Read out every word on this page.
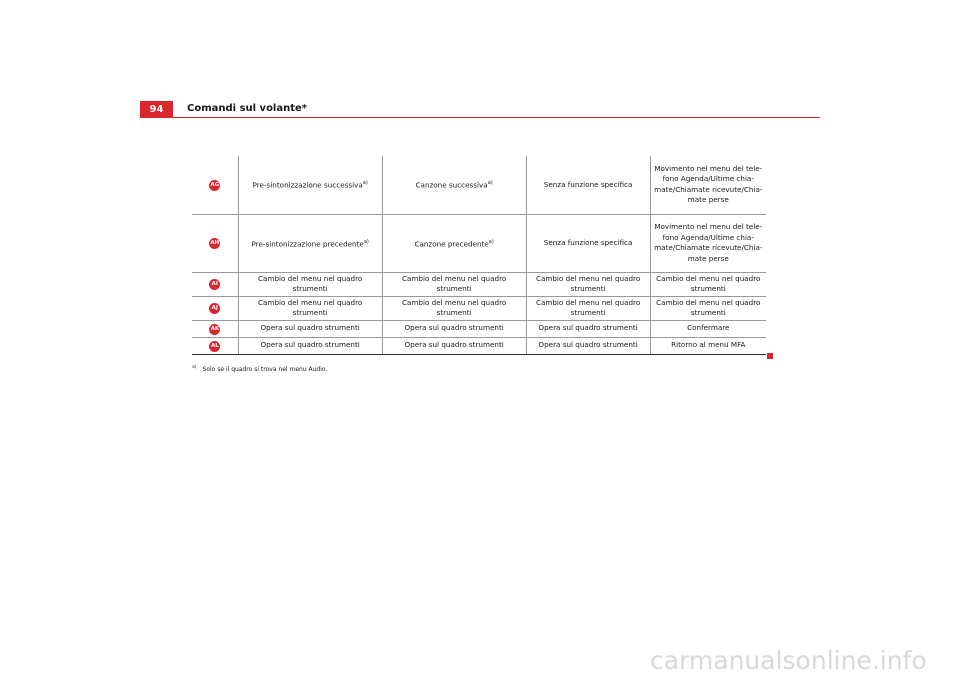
94	Comandi sul volante*
AG	Pre-sintonizzazione successiva$^{a)}$	Canzone successiva$^{a)}$	Senza funzione specifica	Movimento nel menu del tele-fono Agenda/Ultime chia-mate/Chiamate ricevute/Chia-mate perse
AH	Pre-sintonizzazione precedente$^{a)}$	Canzone precedente$^{a)}$	Senza funzione specifica	Movimento nel menu del tele-fono Agenda/Ultime chia-mate/Chiamate ricevute/Chia-mate perse
AI	Cambio del menu nel quadro strumenti	Cambio del menu nel quadro strumenti	Cambio del menu nel quadro strumenti	Cambio del menu nel quadro strumenti
AJ	Cambio del menu nel quadro strumenti	Cambio del menu nel quadro strumenti	Cambio del menu nel quadro strumenti	Cambio del menu nel quadro strumenti
AK	Opera sul quadro strumenti	Opera sul quadro strumenti	Opera sul quadro strumenti	Confermare
AL	Opera sul quadro strumenti	Opera sul quadro strumenti	Opera sul quadro strumenti	Ritorno al menu MFA
$^{a)}$ Solo se il quadro si trova nel menu Audio.
carmanualsonline.info
